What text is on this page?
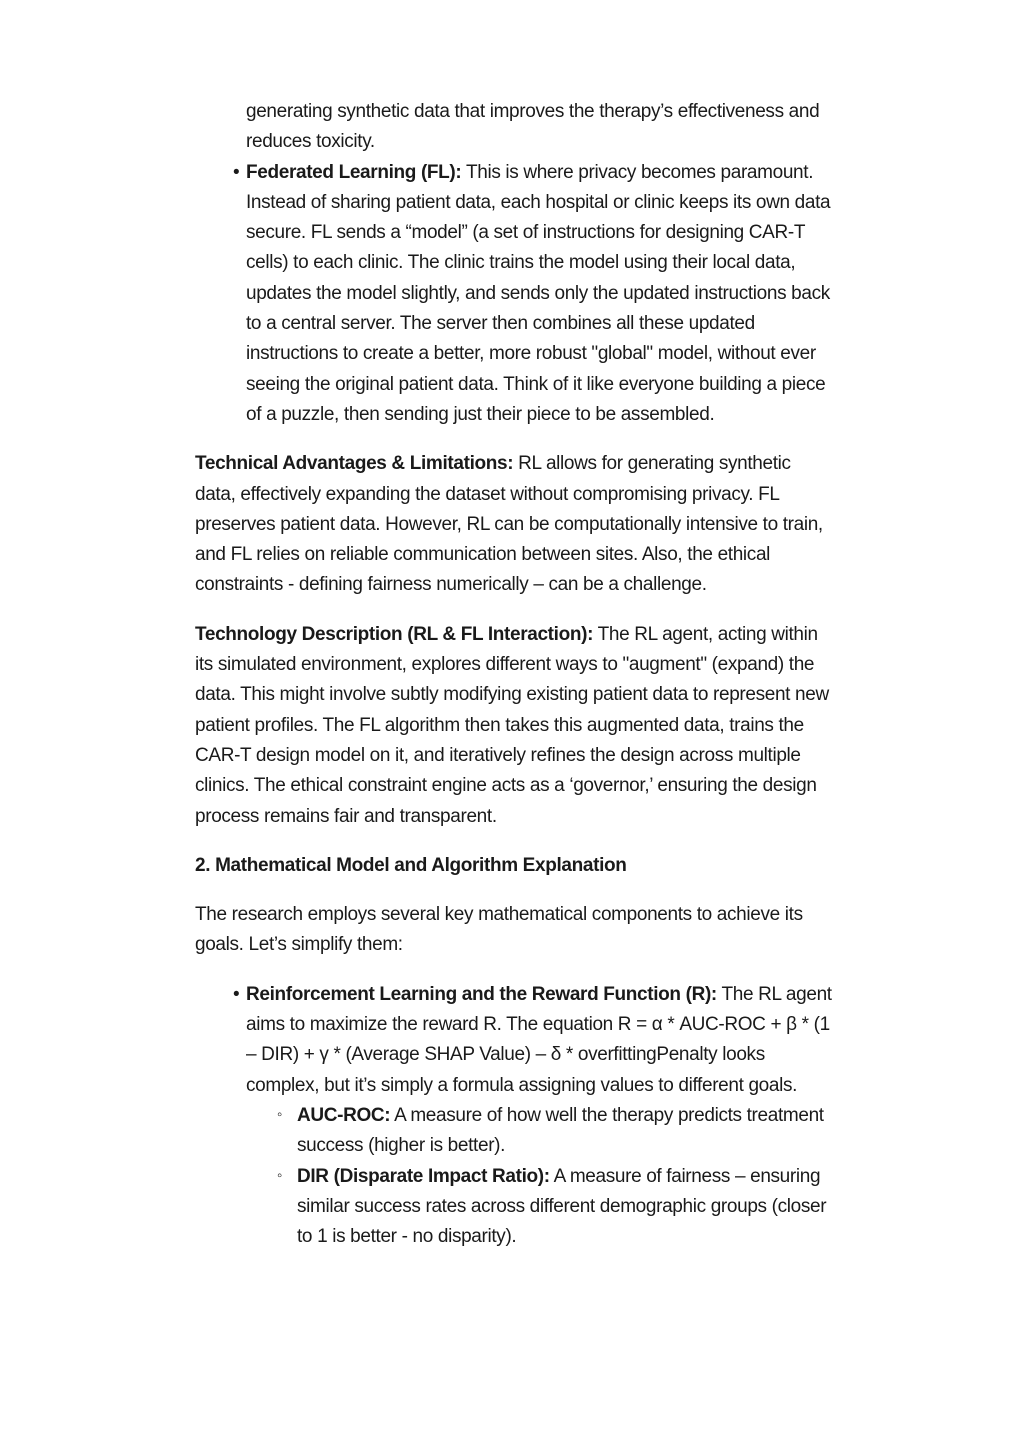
generating synthetic data that improves the therapy’s effectiveness and reduces toxicity.

• Federated Learning (FL): This is where privacy becomes paramount. Instead of sharing patient data, each hospital or clinic keeps its own data secure. FL sends a “model” (a set of instructions for designing CAR-T cells) to each clinic. The clinic trains the model using their local data, updates the model slightly, and sends only the updated instructions back to a central server. The server then combines all these updated instructions to create a better, more robust "global" model, without ever seeing the original patient data. Think of it like everyone building a piece of a puzzle, then sending just their piece to be assembled.

Technical Advantages & Limitations: RL allows for generating synthetic data, effectively expanding the dataset without compromising privacy. FL preserves patient data. However, RL can be computationally intensive to train, and FL relies on reliable communication between sites. Also, the ethical constraints - defining fairness numerically – can be a challenge.

Technology Description (RL & FL Interaction): The RL agent, acting within its simulated environment, explores different ways to "augment" (expand) the data. This might involve subtly modifying existing patient data to represent new patient profiles. The FL algorithm then takes this augmented data, trains the CAR-T design model on it, and iteratively refines the design across multiple clinics. The ethical constraint engine acts as a ‘governor,’ ensuring the design process remains fair and transparent.

2. Mathematical Model and Algorithm Explanation

The research employs several key mathematical components to achieve its goals. Let’s simplify them:

• Reinforcement Learning and the Reward Function (R): The RL agent aims to maximize the reward R. The equation R = α * AUC-ROC + β * (1 – DIR) + γ * (Average SHAP Value) – δ * overfittingPenalty looks complex, but it’s simply a formula assigning values to different goals.
◦ AUC-ROC: A measure of how well the therapy predicts treatment success (higher is better).
◦ DIR (Disparate Impact Ratio): A measure of fairness – ensuring similar success rates across different demographic groups (closer to 1 is better - no disparity).
